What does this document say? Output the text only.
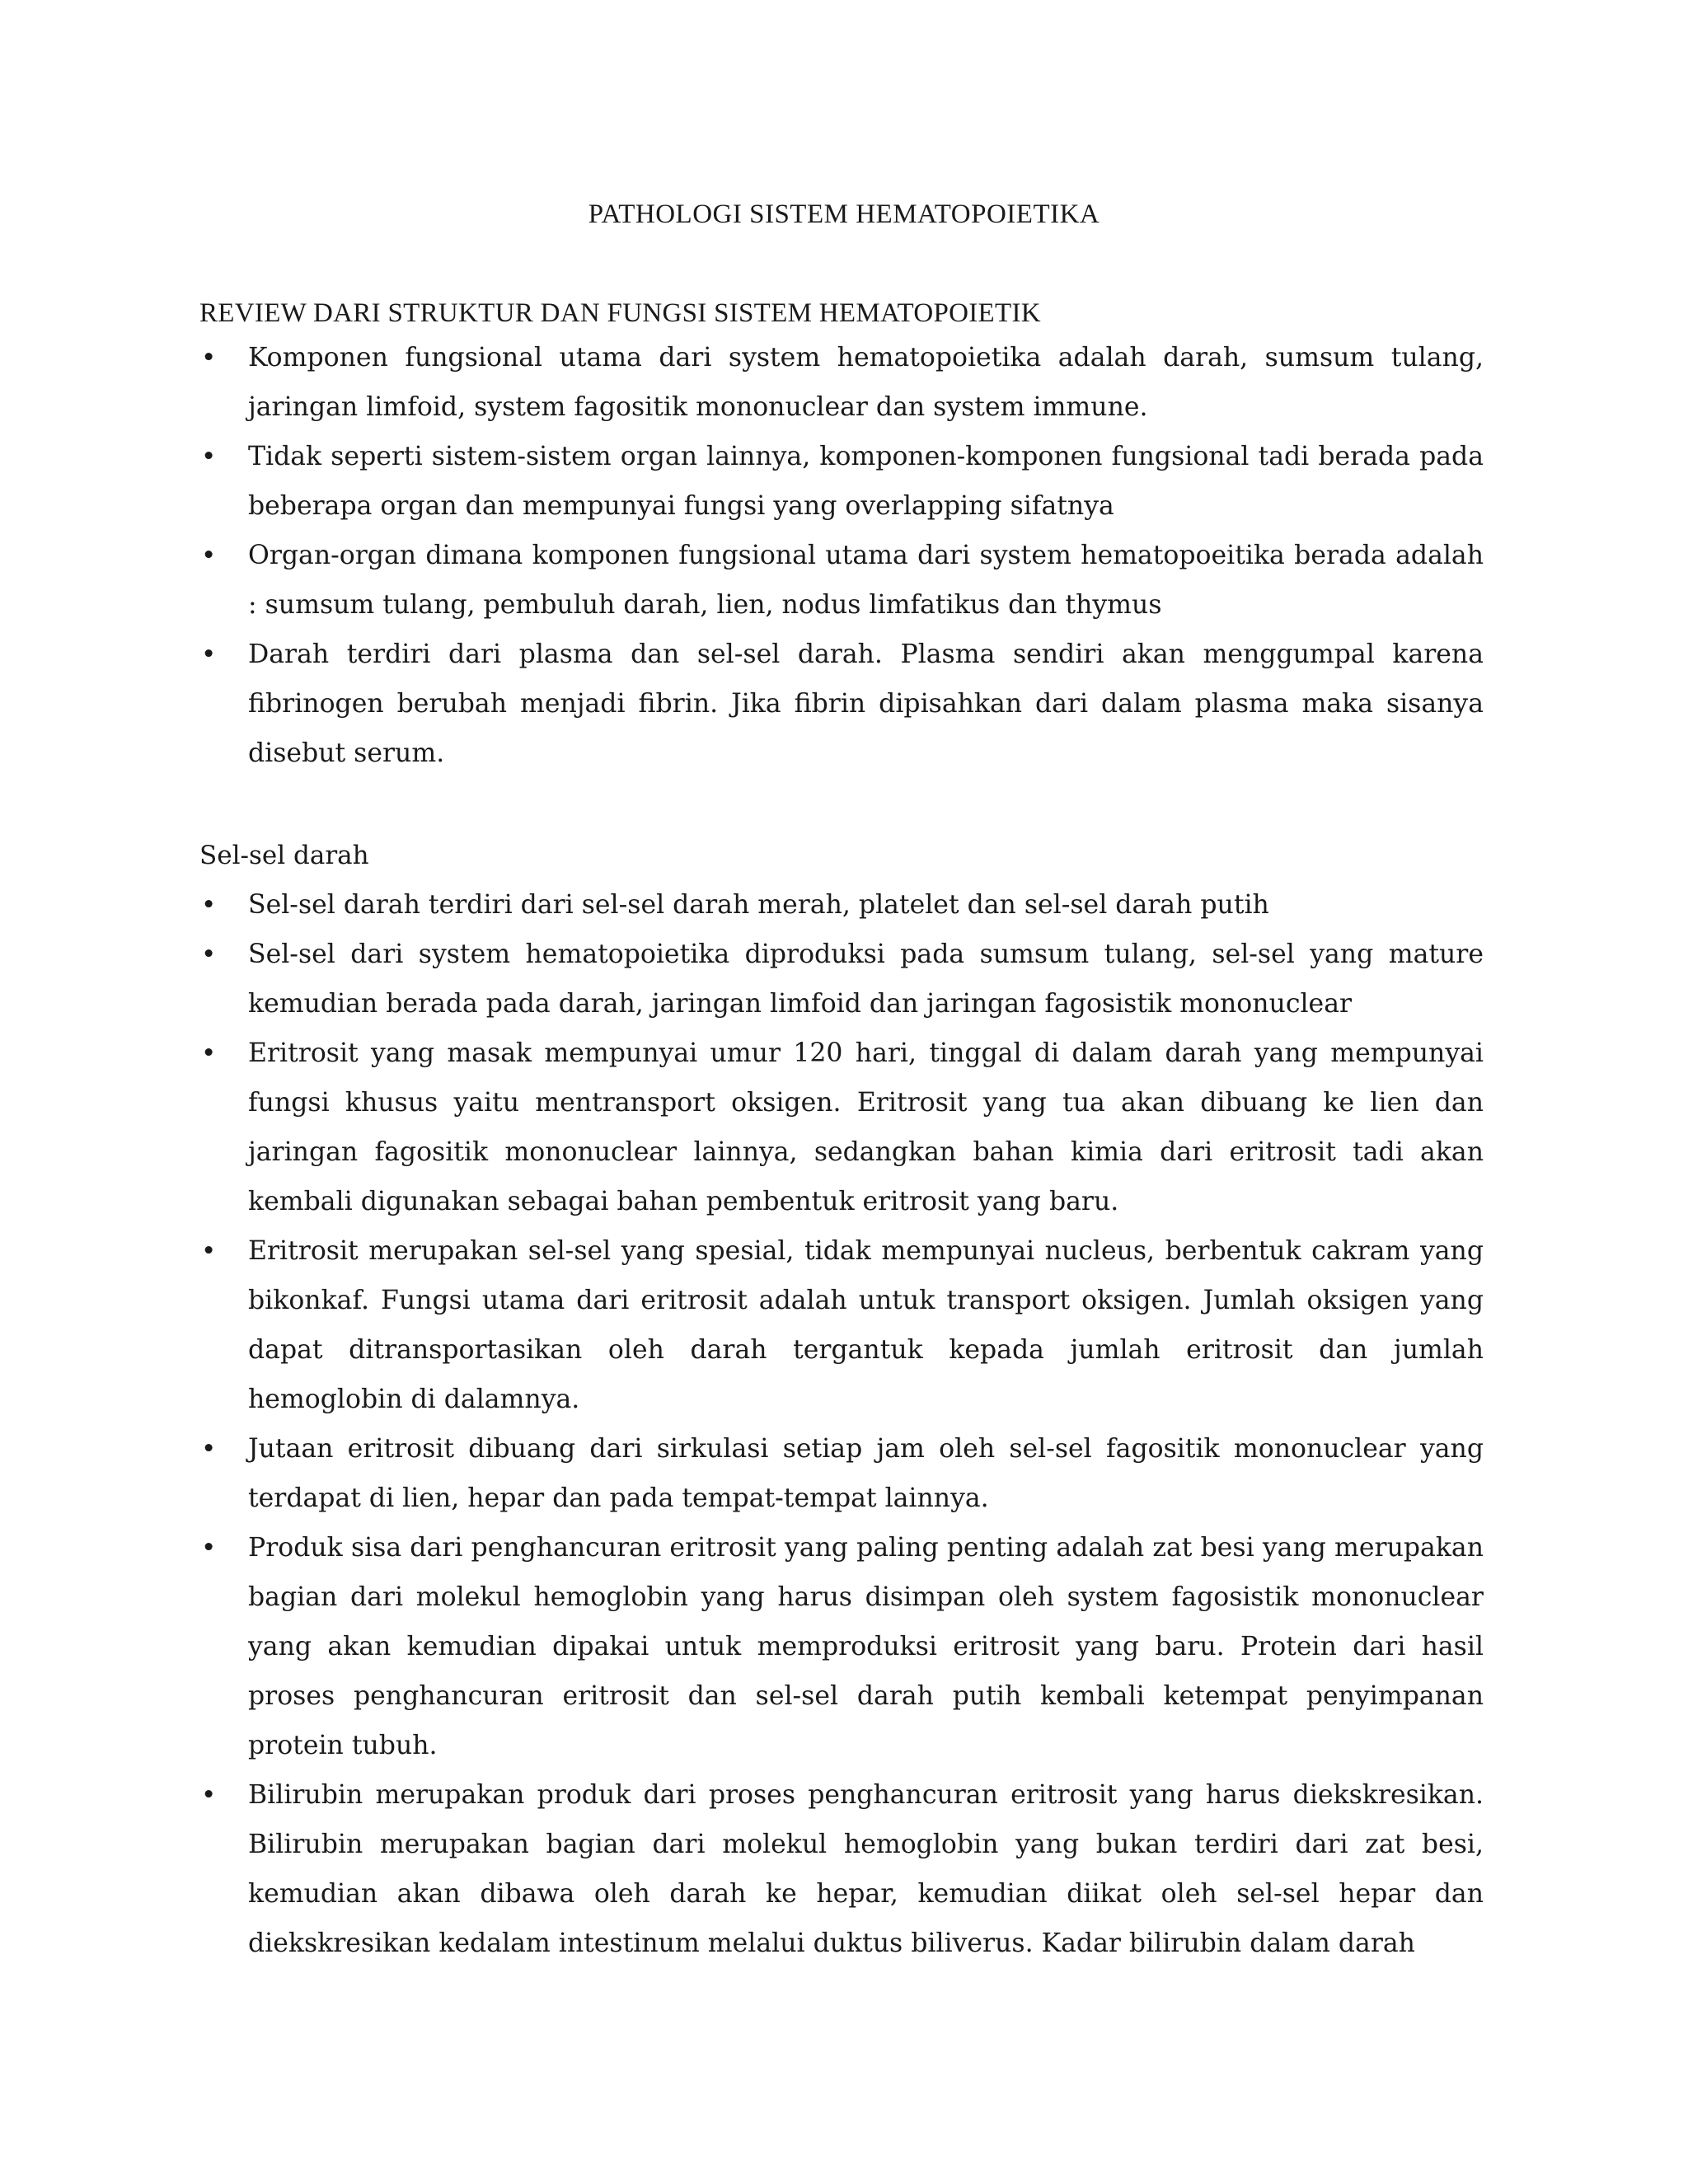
PATHOLOGI SISTEM HEMATOPOIETIKA
REVIEW DARI STRUKTUR DAN FUNGSI SISTEM HEMATOPOIETIK
• Komponen fungsional utama dari system hematopoietika adalah darah, sumsum tulang, jaringan limfoid, system fagositik mononuclear dan system immune.
• Tidak seperti sistem-sistem organ lainnya, komponen-komponen fungsional tadi berada pada beberapa organ dan mempunyai fungsi yang overlapping sifatnya
• Organ-organ dimana komponen fungsional utama dari system hematopoeitika berada adalah : sumsum tulang, pembuluh darah, lien, nodus limfatikus dan thymus
• Darah terdiri dari plasma dan sel-sel darah. Plasma sendiri akan menggumpal karena fibrinogen berubah menjadi fibrin. Jika fibrin dipisahkan dari dalam plasma maka sisanya disebut serum.
Sel-sel darah
• Sel-sel darah terdiri dari sel-sel darah merah, platelet dan sel-sel darah putih
• Sel-sel dari system hematopoietika diproduksi pada sumsum tulang, sel-sel yang mature kemudian berada pada darah, jaringan limfoid dan jaringan fagosistik mononuclear
• Eritrosit yang masak mempunyai umur 120 hari, tinggal di dalam darah yang mempunyai fungsi khusus yaitu mentransport oksigen. Eritrosit yang tua akan dibuang ke lien dan jaringan fagositik mononuclear lainnya, sedangkan bahan kimia dari eritrosit tadi akan kembali digunakan sebagai bahan pembentuk eritrosit yang baru.
• Eritrosit merupakan sel-sel yang spesial, tidak mempunyai nucleus, berbentuk cakram yang bikonkaf. Fungsi utama dari eritrosit adalah untuk transport oksigen. Jumlah oksigen yang dapat ditransportasikan oleh darah tergantuk kepada jumlah eritrosit dan jumlah hemoglobin di dalamnya.
• Jutaan eritrosit dibuang dari sirkulasi setiap jam oleh sel-sel fagositik mononuclear yang terdapat di lien, hepar dan pada tempat-tempat lainnya.
• Produk sisa dari penghancuran eritrosit yang paling penting adalah zat besi yang merupakan bagian dari molekul hemoglobin yang harus disimpan oleh system fagosistik mononuclear yang akan kemudian dipakai untuk memproduksi eritrosit yang baru. Protein dari hasil proses penghancuran eritrosit dan sel-sel darah putih kembali ketempat penyimpanan protein tubuh.
• Bilirubin merupakan produk dari proses penghancuran eritrosit yang harus diekskresikan. Bilirubin merupakan bagian dari molekul hemoglobin yang bukan terdiri dari zat besi, kemudian akan dibawa oleh darah ke hepar, kemudian diikat oleh sel-sel hepar dan diekskresikan kedalam intestinum melalui duktus biliverus. Kadar bilirubin dalam darah
